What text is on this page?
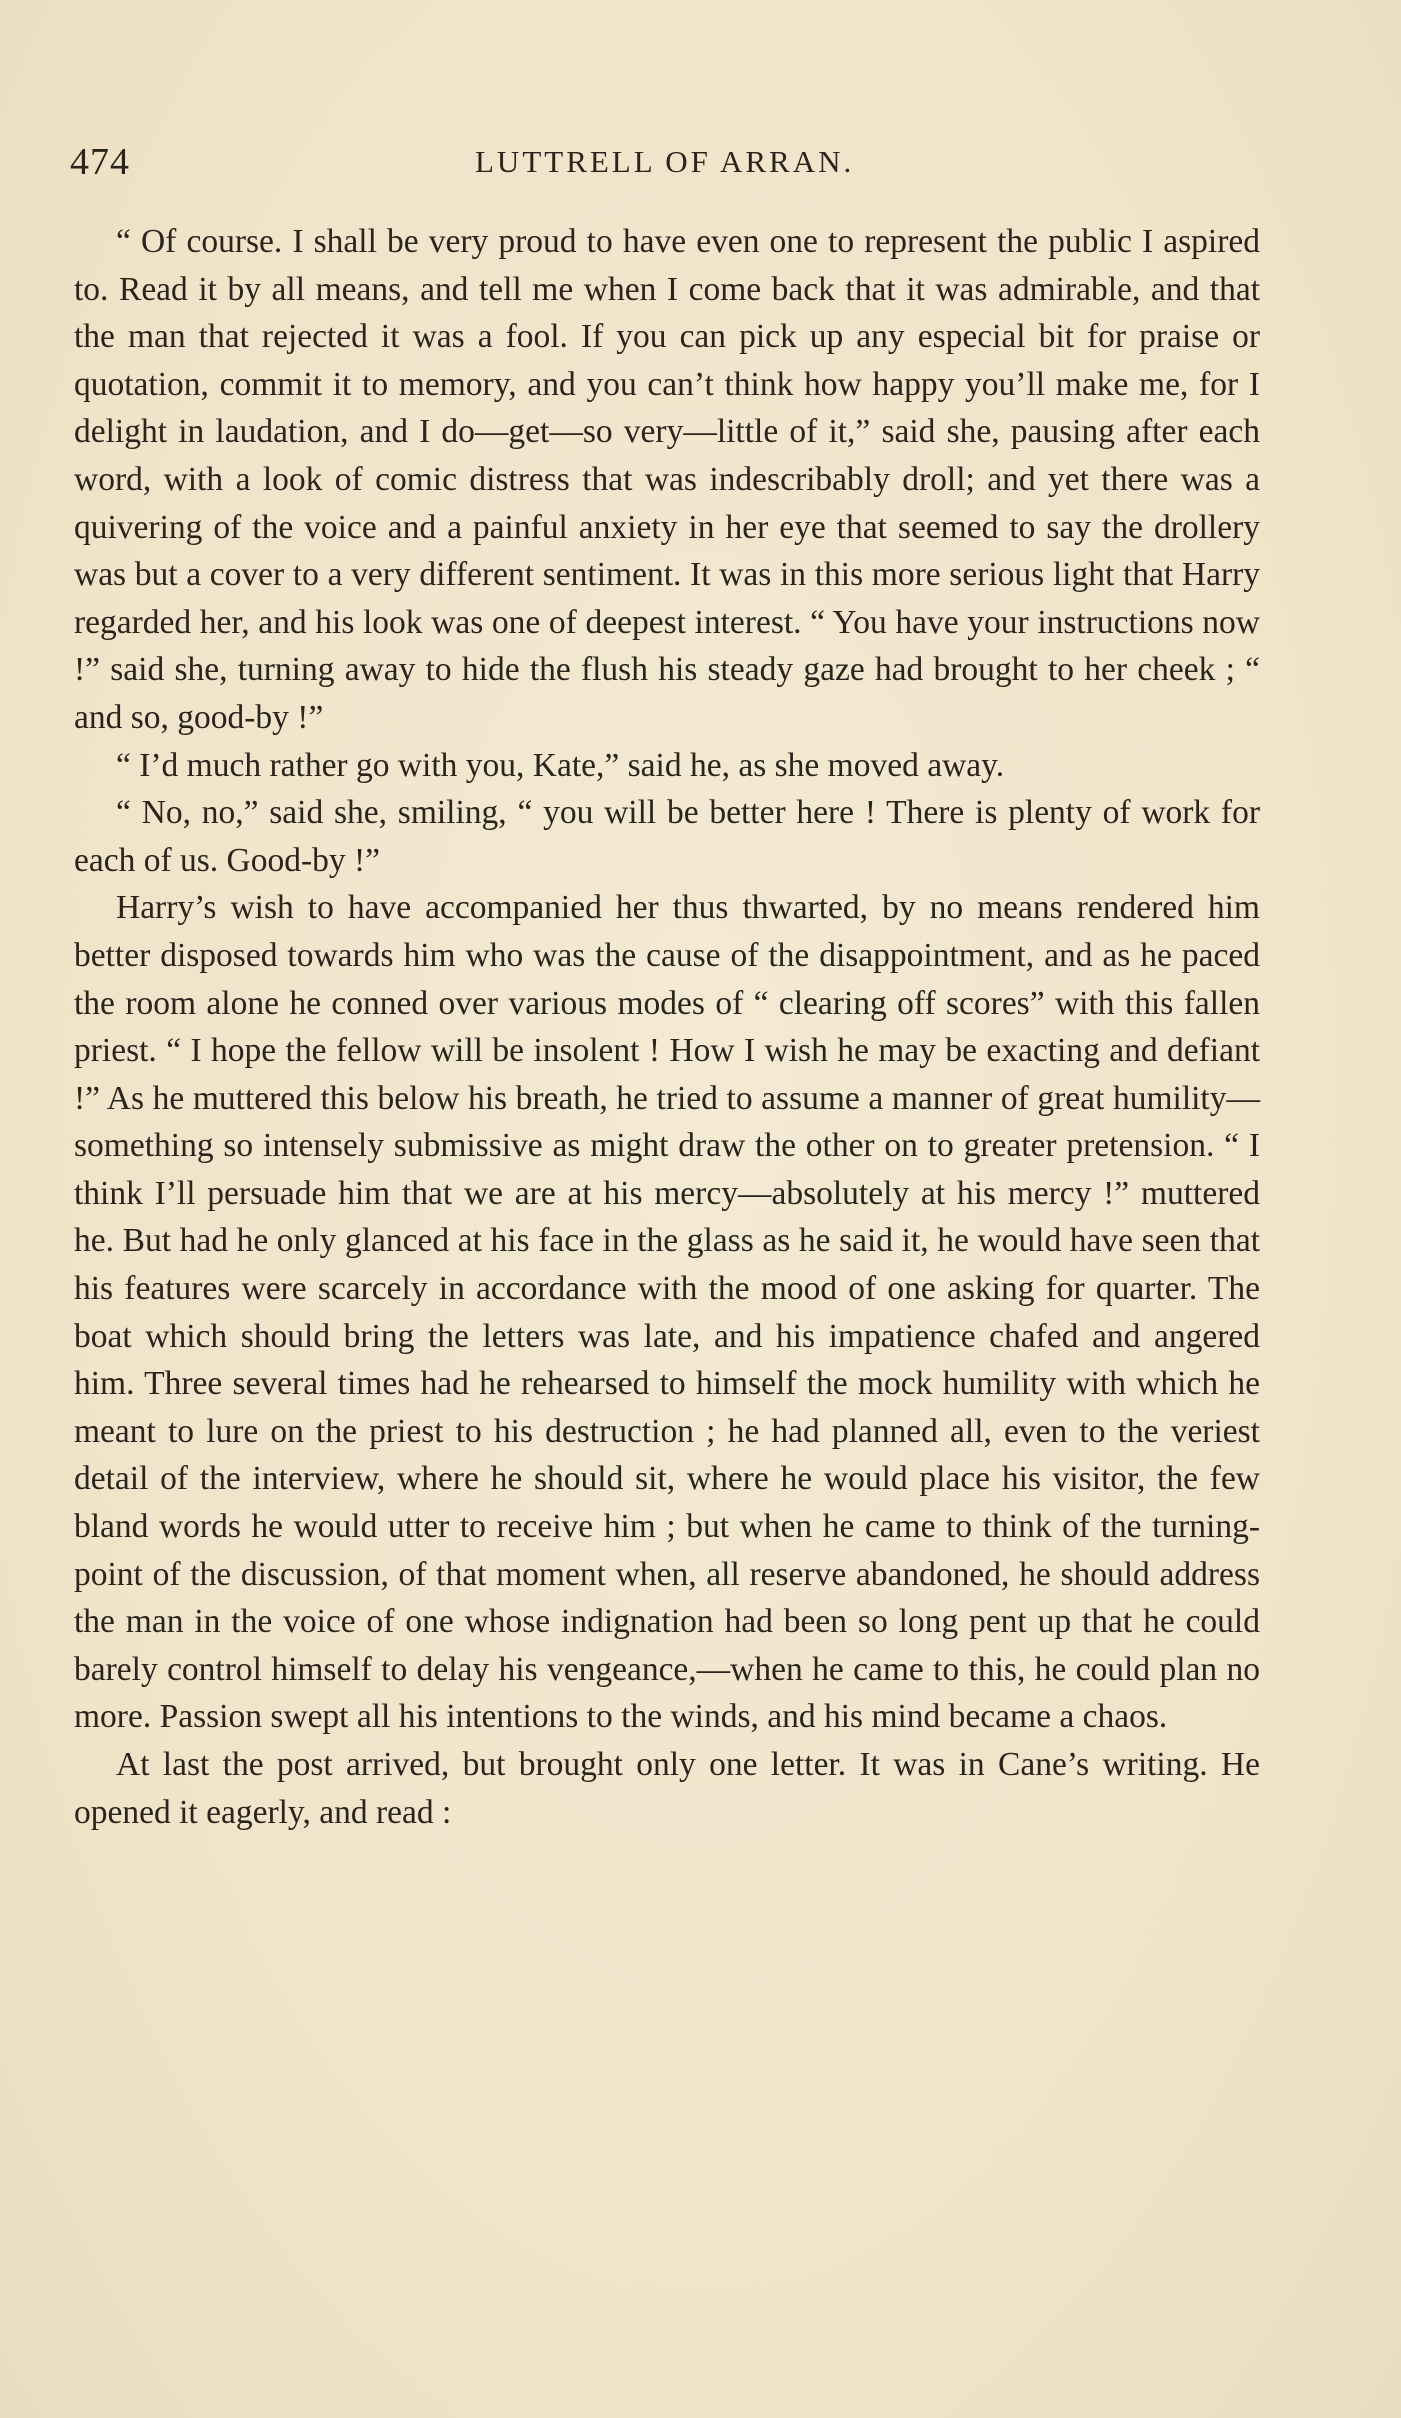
474	LUTTRELL OF ARRAN.

“ Of course. I shall be very proud to have even one to represent the public I aspired to. Read it by all means, and tell me when I come back that it was admirable, and that the man that rejected it was a fool. If you can pick up any especial bit for praise or quotation, commit it to memory, and you can’t think how happy you’ll make me, for I delight in laudation, and I do—get—so very—little of it,” said she, pausing after each word, with a look of comic distress that was indescribably droll; and yet there was a quivering of the voice and a painful anxiety in her eye that seemed to say the drollery was but a cover to a very different sentiment. It was in this more serious light that Harry regarded her, and his look was one of deepest interest. “ You have your instructions now !” said she, turning away to hide the flush his steady gaze had brought to her cheek ; “ and so, good-by !”

“ I’d much rather go with you, Kate,” said he, as she moved away.

“ No, no,” said she, smiling, “ you will be better here ! There is plenty of work for each of us. Good-by !”

Harry’s wish to have accompanied her thus thwarted, by no means rendered him better disposed towards him who was the cause of the disappointment, and as he paced the room alone he conned over various modes of “ clearing off scores” with this fallen priest. “ I hope the fellow will be insolent ! How I wish he may be exacting and defiant !” As he muttered this below his breath, he tried to assume a manner of great humility—something so intensely submissive as might draw the other on to greater pretension. “ I think I’ll persuade him that we are at his mercy—absolutely at his mercy !” muttered he. But had he only glanced at his face in the glass as he said it, he would have seen that his features were scarcely in accordance with the mood of one asking for quarter. The boat which should bring the letters was late, and his impatience chafed and angered him. Three several times had he rehearsed to himself the mock humility with which he meant to lure on the priest to his destruction ; he had planned all, even to the veriest detail of the interview, where he should sit, where he would place his visitor, the few bland words he would utter to receive him ; but when he came to think of the turning-point of the discussion, of that moment when, all reserve abandoned, he should address the man in the voice of one whose indignation had been so long pent up that he could barely control himself to delay his vengeance,—when he came to this, he could plan no more. Passion swept all his intentions to the winds, and his mind became a chaos.

At last the post arrived, but brought only one letter. It was in Cane’s writing. He opened it eagerly, and read :
